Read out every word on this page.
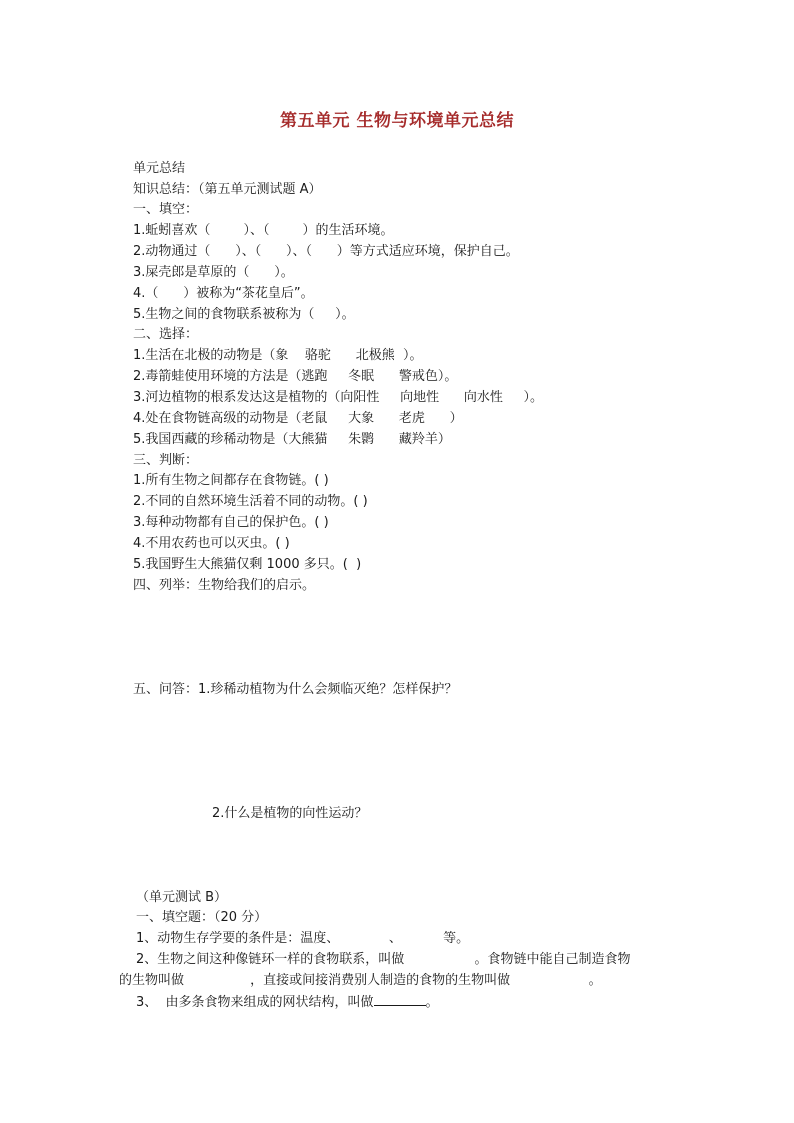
第五单元 生物与环境单元总结
单元总结
知识总结：（第五单元测试题 A）
一、填空：
1.蚯蚓喜欢（        ）、（        ）的生活环境。
2.动物通过（      ）、（      ）、（      ）等方式适应环境，保护自己。
3.屎壳郎是草原的（      ）。
4.（      ）被称为“茶花皇后”。
5.生物之间的食物联系被称为（     ）。
二、选择：
1.生活在北极的动物是（象    骆驼      北极熊  ）。
2.毒箭蛙使用环境的方法是（逃跑     冬眠      警戒色）。
3.河边植物的根系发达这是植物的（向阳性     向地性      向水性     ）。
4.处在食物链高级的动物是（老鼠     大象      老虎      ）
5.我国西藏的珍稀动物是（大熊猫     朱鹮      藏羚羊）
三、判断：
1.所有生物之间都存在食物链。( )
2.不同的自然环境生活着不同的动物。( )
3.每种动物都有自己的保护色。( )
4.不用农药也可以灭虫。( )
5.我国野生大熊猫仅剩 1000 多只。(  )
四、列举：生物给我们的启示。
五、问答：1.珍稀动植物为什么会频临灭绝？怎样保护？
2.什么是植物的向性运动？
（单元测试 B）
一、填空题：（20 分）
1、动物生存学要的条件是：温度、            、          等。
2、生物之间这种像链环一样的食物联系，叫做                 。食物链中能自己制造食物
的生物叫做                ，直接或间接消费别人制造的食物的生物叫做                   。
3、  由多条食物来组成的网状结构，叫做	。
